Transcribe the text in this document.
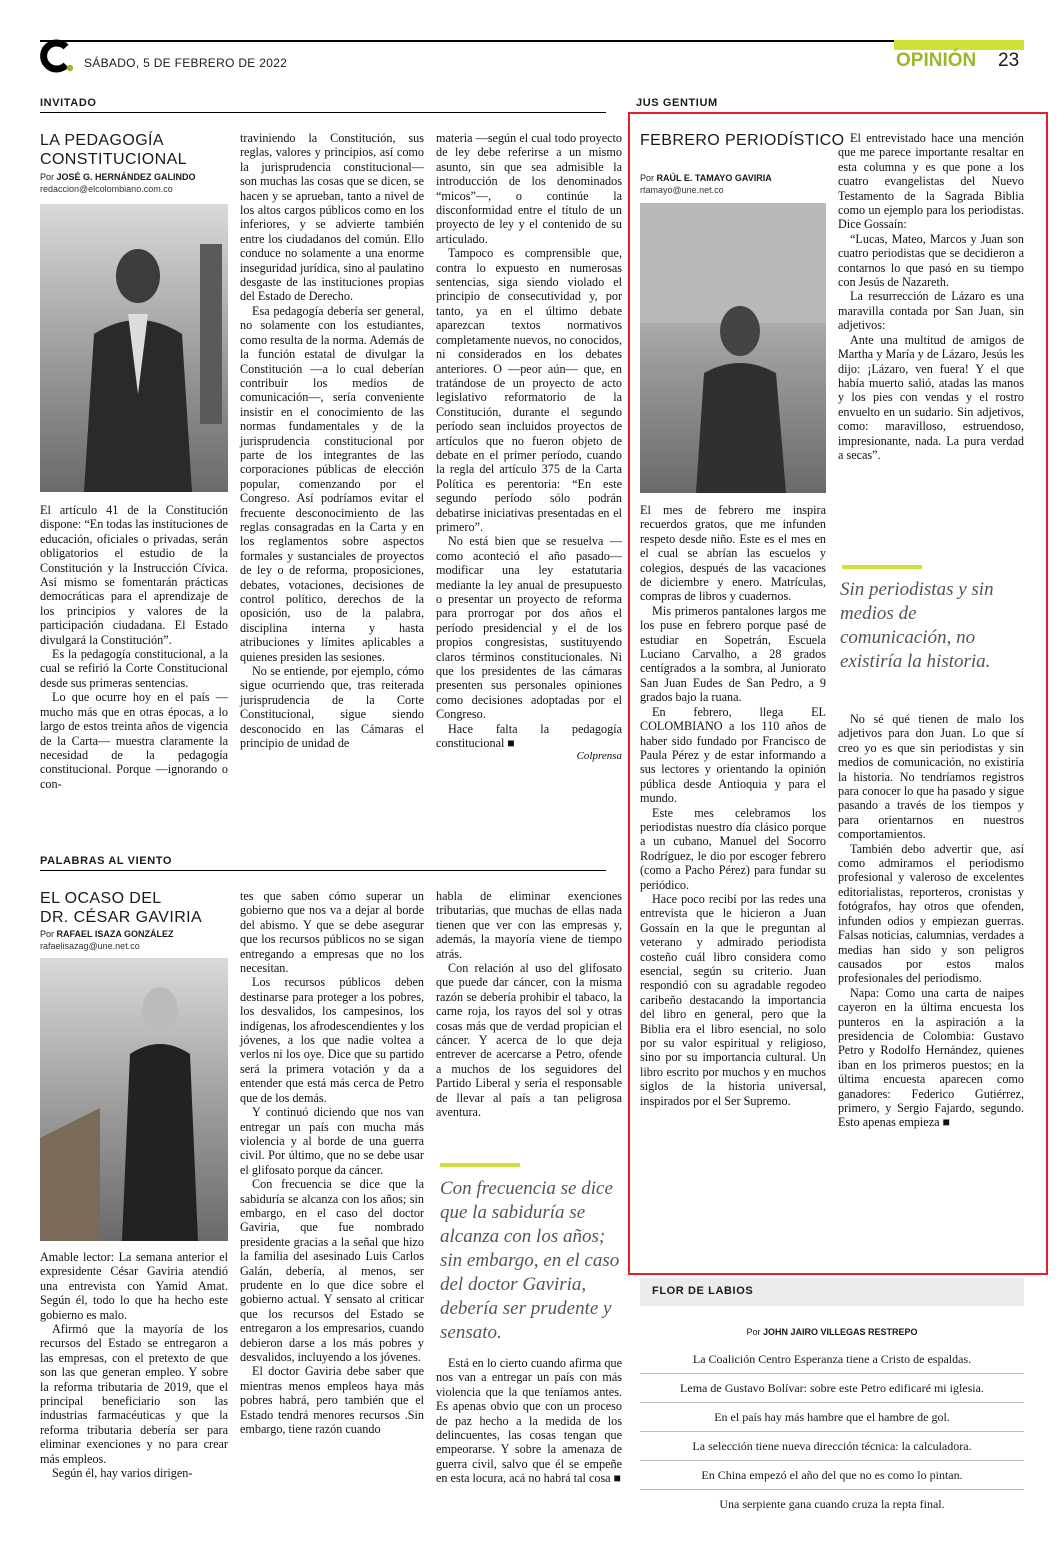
SÁBADO, 5 DE FEBRERO DE 2022	OPINIÓN 23
INVITADO
LA PEDAGOGÍA
CONSTITUCIONAL
Por JOSÉ G. HERNÁNDEZ GALINDO
redaccion@elcolombiano.com.co

El artículo 41 de la Constitución dispone: “En todas las instituciones de educación, oficiales o privadas, serán obligatorios el estudio de la Constitución y la Instrucción Cívica. Así mismo se fomentarán prácticas democráticas para el aprendizaje de los principios y valores de la participación ciudadana. El Estado divulgará la Constitución”.

Es la pedagogía constitucional, a la cual se refirió la Corte Constitucional desde sus primeras sentencias.

Lo que ocurre hoy en el país —mucho más que en otras épocas, a lo largo de estos treinta años de vigencia de la Carta— muestra claramente la necesidad de la pedagogía constitucional. Porque —ignorando o con-

traviniendo la Constitución, sus reglas, valores y principios, así como la jurisprudencia constitucional— son muchas las cosas que se dicen, se hacen y se aprueban, tanto a nivel de los altos cargos públicos como en los inferiores, y se advierte también entre los ciudadanos del común. Ello conduce no solamente a una enorme inseguridad jurídica, sino al paulatino desgaste de las instituciones propias del Estado de Derecho.

Esa pedagogía debería ser general, no solamente con los estudiantes, como resulta de la norma. Además de la función estatal de divulgar la Constitución —a lo cual deberían contribuir los medios de comunicación—, sería conveniente insistir en el conocimiento de las normas fundamentales y de la jurisprudencia constitucional por parte de los integrantes de las corporaciones públicas de elección popular, comenzando por el Congreso. Así podríamos evitar el frecuente desconocimiento de las reglas consagradas en la Carta y en los reglamentos sobre aspectos formales y sustanciales de proyectos de ley o de reforma, proposiciones, debates, votaciones, decisiones de control político, derechos de la oposición, uso de la palabra, disciplina interna y hasta atribuciones y límites aplicables a quienes presiden las sesiones.

No se entiende, por ejemplo, cómo sigue ocurriendo que, tras reiterada jurisprudencia de la Corte Constitucional, sigue siendo desconocido en las Cámaras el principio de unidad de

materia —según el cual todo proyecto de ley debe referirse a un mismo asunto, sin que sea admisible la introducción de los denominados “micos”—, o continúe la disconformidad entre el título de un proyecto de ley y el contenido de su articulado.

Tampoco es comprensible que, contra lo expuesto en numerosas sentencias, siga siendo violado el principio de consecutividad y, por tanto, ya en el último debate aparezcan textos normativos completamente nuevos, no conocidos, ni considerados en los debates anteriores. O —peor aún— que, en tratándose de un proyecto de acto legislativo reformatorio de la Constitución, durante el segundo período sean incluidos proyectos de artículos que no fueron objeto de debate en el primer período, cuando la regla del artículo 375 de la Carta Política es perentoria: “En este segundo período sólo podrán debatirse iniciativas presentadas en el primero”.

No está bien que se resuelva —como aconteció el año pasado— modificar una ley estatutaria mediante la ley anual de presupuesto o presentar un proyecto de reforma para prorrogar por dos años el período presidencial y el de los propios congresistas, sustituyendo claros términos constitucionales. Ni que los presidentes de las cámaras presenten sus personales opiniones como decisiones adoptadas por el Congreso.

Hace falta la pedagogía constitucional ■

Colprensa
PALABRAS AL VIENTO
EL OCASO DEL
DR. CÉSAR GAVIRIA
Por RAFAEL ISAZA GONZÁLEZ
rafaelisazag@une.net.co

Amable lector: La semana anterior el expresidente César Gaviria atendió una entrevista con Yamid Amat. Según él, todo lo que ha hecho este gobierno es malo.

Afirmó que la mayoría de los recursos del Estado se entregaron a las empresas, con el pretexto de que son las que generan empleo. Y sobre la reforma tributaria de 2019, que el principal beneficiario son las industrias farmacéuticas y que la reforma tributaria debería ser para eliminar exenciones y no para crear más empleos.

Según él, hay varios dirigen-

tes que saben cómo superar un gobierno que nos va a dejar al borde del abismo. Y que se debe asegurar que los recursos públicos no se sigan entregando a empresas que no los necesitan.

Los recursos públicos deben destinarse para proteger a los pobres, los desvalidos, los campesinos, los indígenas, los afrodescendientes y los jóvenes, a los que nadie voltea a verlos ni los oye. Dice que su partido será la primera votación y da a entender que está más cerca de Petro que de los demás.

Y continuó diciendo que nos van entregar un país con mucha más violencia y al borde de una guerra civil. Por último, que no se debe usar el glifosato porque da cáncer.

Con frecuencia se dice que la sabiduría se alcanza con los años; sin embargo, en el caso del doctor Gaviria, que fue nombrado presidente gracias a la señal que hizo la familia del asesinado Luis Carlos Galán, debería, al menos, ser prudente en lo que dice sobre el gobierno actual. Y sensato al criticar que los recursos del Estado se entregaron a los empresarios, cuando debieron darse a los más pobres y desvalidos, incluyendo a los jóvenes.

El doctor Gaviria debe saber que mientras menos empleos haya más pobres habrá, pero también que el Estado tendrá menores recursos .Sin embargo, tiene razón cuando

habla de eliminar exenciones tributarias, que muchas de ellas nada tienen que ver con las empresas y, además, la mayoría viene de tiempo atrás.

Con relación al uso del glifosato que puede dar cáncer, con la misma razón se debería prohibir el tabaco, la carne roja, los rayos del sol y otras cosas más que de verdad propician el cáncer. Y acerca de lo que deja entrever de acercarse a Petro, ofende a muchos de los seguidores del Partido Liberal y sería el responsable de llevar al país a tan peligrosa aventura.

Con frecuencia se dice que la sabiduría se alcanza con los años; sin embargo, en el caso del doctor Gaviria, debería ser prudente y sensato.

Está en lo cierto cuando afirma que nos van a entregar un país con más violencia que la que teníamos antes. Es apenas obvio que con un proceso de paz hecho a la medida de los delincuentes, las cosas tengan que empeorarse. Y sobre la amenaza de guerra civil, salvo que él se empeñe en esta locura, acá no habrá tal cosa ■

JUS GENTIUM
FEBRERO PERIODÍSTICO
Por RAÚL E. TAMAYO GAVIRIA
rtamayo@une.net.co

El mes de febrero me inspira recuerdos gratos, que me infunden respeto desde niño. Este es el mes en el cual se abrían las escuelos y colegios, después de las vacaciones de diciembre y enero. Matrículas, compras de libros y cuadernos.

Mis primeros pantalones largos me los puse en febrero porque pasé de estudiar en Sopetrán, Escuela Luciano Carvalho, a 28 grados centígrados a la sombra, al Juniorato San Juan Eudes de San Pedro, a 9 grados bajo la ruana.

En febrero, llega EL COLOMBIANO a los 110 años de haber sido fundado por Francisco de Paula Pérez y de estar informando a sus lectores y orientando la opinión pública desde Antioquia y para el mundo.

Este mes celebramos los periodistas nuestro día clásico porque a un cubano, Manuel del Socorro Rodríguez, le dio por escoger febrero (como a Pacho Pérez) para fundar su periódico.

Hace poco recibí por las redes una entrevista que le hicieron a Juan Gossaín en la que le preguntan al veterano y admirado periodista costeño cuál libro considera como esencial, según su criterio. Juan respondió con su agradable regodeo caribeño destacando la importancia del libro en general, pero que la Biblia era el libro esencial, no solo por su valor espiritual y religioso, sino por su importancia cultural. Un libro escrito por muchos y en muchos siglos de la historia universal, inspirados por el Ser Supremo.

El entrevistado hace una mención que me parece importante resaltar en esta columna y es que pone a los cuatro evangelistas del Nuevo Testamento de la Sagrada Biblia como un ejemplo para los periodistas. Dice Gossaín:

“Lucas, Mateo, Marcos y Juan son cuatro periodistas que se decidieron a contarnos lo que pasó en su tiempo con Jesús de Nazareth.

La resurrección de Lázaro es una maravilla contada por San Juan, sin adjetivos:

Ante una multitud de amigos de Martha y María y de Lázaro, Jesús les dijo: ¡Lázaro, ven fuera! Y el que había muerto salió, atadas las manos y los pies con vendas y el rostro envuelto en un sudario. Sin adjetivos, como: maravilloso, estruendoso, impresionante, nada. La pura verdad a secas”.

Sin periodistas y sin medios de comunicación, no existiría la historia.

No sé qué tienen de malo los adjetivos para don Juan. Lo que sí creo yo es que sin periodistas y sin medios de comunicación, no existiría la historia. No tendríamos registros para conocer lo que ha pasado y sigue pasando a través de los tiempos y para orientarnos en nuestros comportamientos.

También debo advertir que, así como admiramos el periodismo profesional y valeroso de excelentes editorialistas, reporteros, cronistas y fotógrafos, hay otros que ofenden, infunden odios y empiezan guerras. Falsas noticias, calumnias, verdades a medias han sido y son peligros causados por estos malos profesionales del periodismo.

Napa: Como una carta de naipes cayeron en la última encuesta los punteros en la aspiración a la presidencia de Colombia: Gustavo Petro y Rodolfo Hernández, quienes iban en los primeros puestos; en la última encuesta aparecen como ganadores: Federico Gutiérrez, primero, y Sergio Fajardo, segundo. Esto apenas empieza ■

FLOR DE LABIOS
Por JOHN JAIRO VILLEGAS RESTREPO
La Coalición Centro Esperanza tiene a Cristo de espaldas.
Lema de Gustavo Bolívar: sobre este Petro edificaré mi iglesia.
En el país hay más hambre que el hambre de gol.
La selección tiene nueva dirección técnica: la calculadora.
En China empezó el año del que no es como lo pintan.
Una serpiente gana cuando cruza la repta final.
